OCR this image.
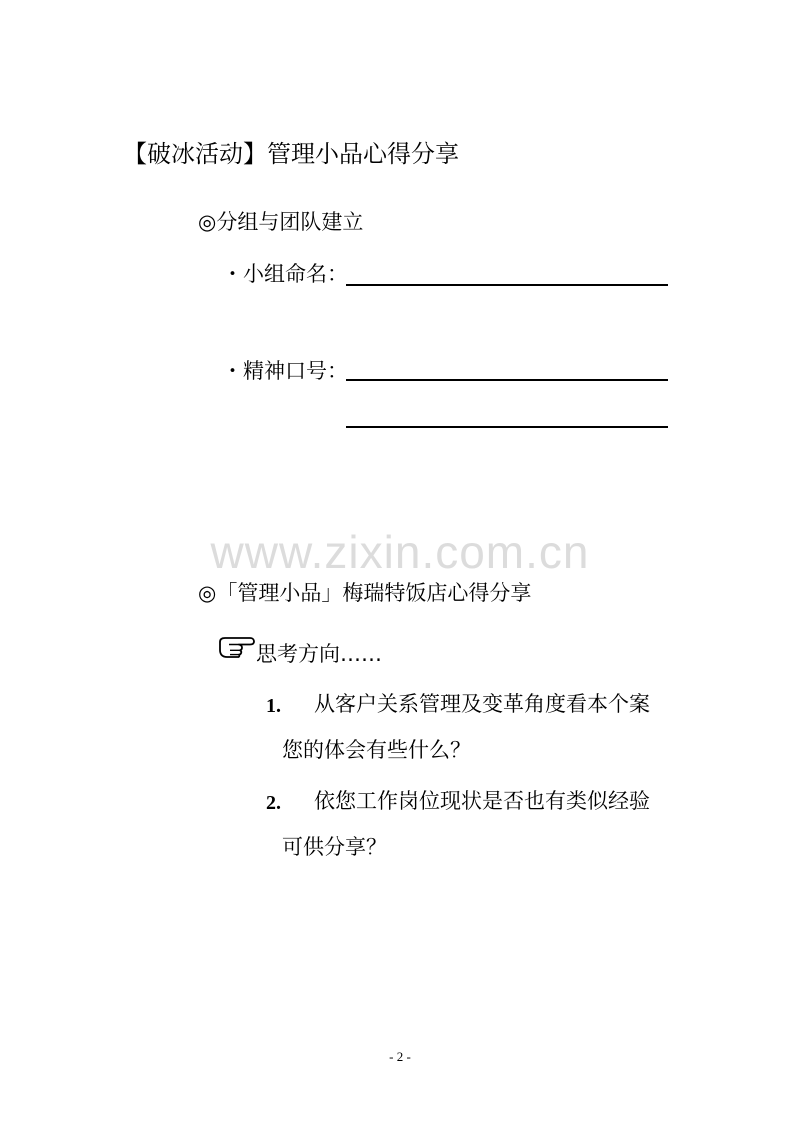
【破冰活动】管理小品心得分享
◎分组与团队建立
・小组命名：
・精神口号：
www.zixin.com.cn
◎「管理小品」梅瑞特饭店心得分享
思考方向……
1. 从客户关系管理及变革角度看本个案
您的体会有些什么？
2. 依您工作岗位现状是否也有类似经验
可供分享？
- 2 -
